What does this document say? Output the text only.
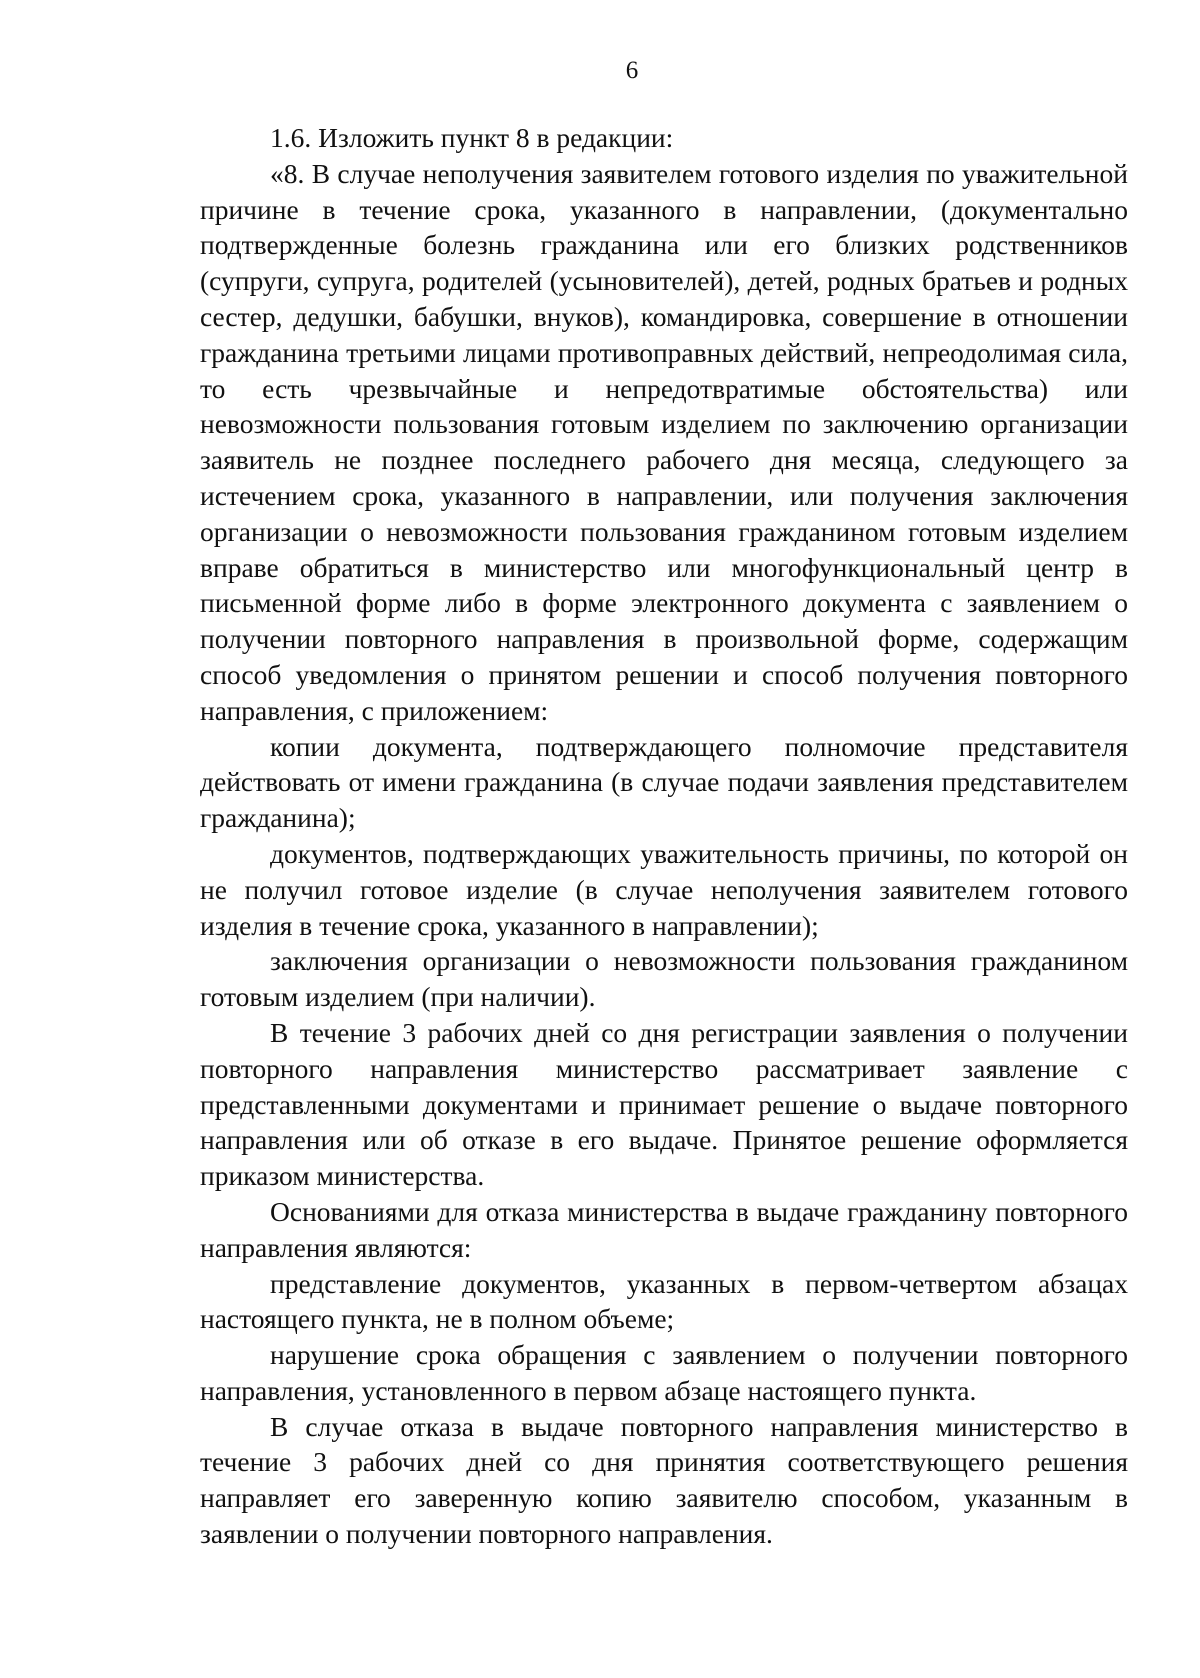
6

1.6. Изложить пункт 8 в редакции:

«8. В случае неполучения заявителем готового изделия по уважительной причине в течение срока, указанного в направлении, (документально подтвержденные болезнь гражданина или его близких родственников (супруги, супруга, родителей (усыновителей), детей, родных братьев и родных сестер, дедушки, бабушки, внуков), командировка, совершение в отношении гражданина третьими лицами противоправных действий, непреодолимая сила, то есть чрезвычайные и непредотвратимые обстоятельства) или невозможности пользования готовым изделием по заключению организации заявитель не позднее последнего рабочего дня месяца, следующего за истечением срока, указанного в направлении, или получения заключения организации о невозможности пользования гражданином готовым изделием вправе обратиться в министерство или многофункциональный центр в письменной форме либо в форме электронного документа с заявлением о получении повторного направления в произвольной форме, содержащим способ уведомления о принятом решении и способ получения повторного направления, с приложением:

копии документа, подтверждающего полномочие представителя действовать от имени гражданина (в случае подачи заявления представителем гражданина);

документов, подтверждающих уважительность причины, по которой он не получил готовое изделие (в случае неполучения заявителем готового изделия в течение срока, указанного в направлении);

заключения организации о невозможности пользования гражданином готовым изделием (при наличии).

В течение 3 рабочих дней со дня регистрации заявления о получении повторного направления министерство рассматривает заявление с представленными документами и принимает решение о выдаче повторного направления или об отказе в его выдаче. Принятое решение оформляется приказом министерства.

Основаниями для отказа министерства в выдаче гражданину повторного направления являются:

представление документов, указанных в первом-четвертом абзацах настоящего пункта, не в полном объеме;

нарушение срока обращения с заявлением о получении повторного направления, установленного в первом абзаце настоящего пункта.

В случае отказа в выдаче повторного направления министерство в течение 3 рабочих дней со дня принятия соответствующего решения направляет его заверенную копию заявителю способом, указанным в заявлении о получении повторного направления.
